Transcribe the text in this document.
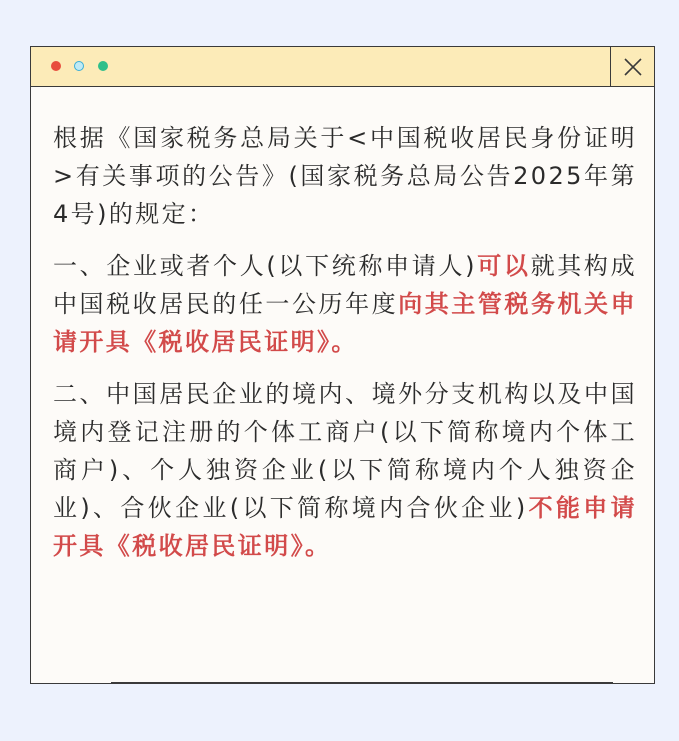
根据《国家税务总局关于<中国税收居民身份证明>有关事项的公告》(国家税务总局公告2025年第4号)的规定：

一、企业或者个人(以下统称申请人)可以就其构成中国税收居民的任一公历年度向其主管税务机关申请开具《税收居民证明》。

二、中国居民企业的境内、境外分支机构以及中国境内登记注册的个体工商户(以下简称境内个体工商户)、个人独资企业(以下简称境内个人独资企业)、合伙企业(以下简称境内合伙企业)不能申请开具《税收居民证明》。
